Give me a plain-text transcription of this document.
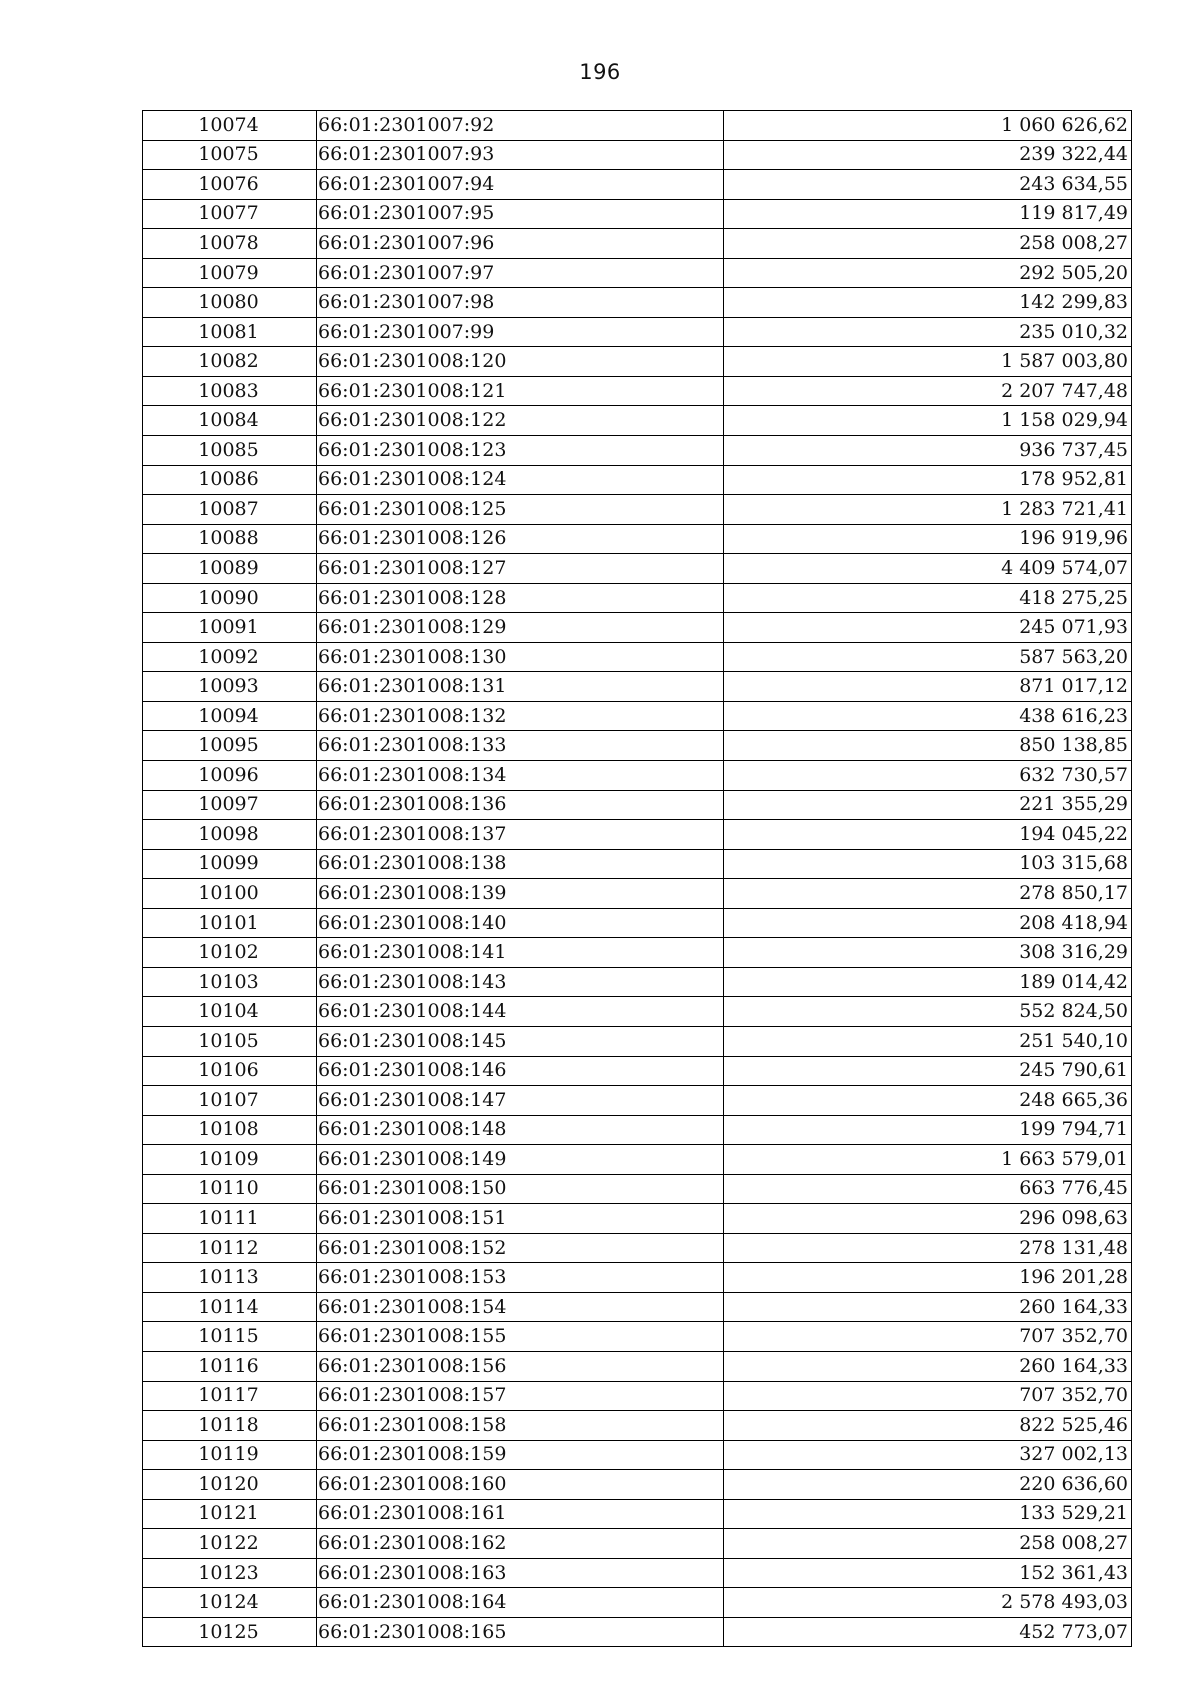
196
10074	66:01:2301007:92	1 060 626,62
10075	66:01:2301007:93	239 322,44
10076	66:01:2301007:94	243 634,55
10077	66:01:2301007:95	119 817,49
10078	66:01:2301007:96	258 008,27
10079	66:01:2301007:97	292 505,20
10080	66:01:2301007:98	142 299,83
10081	66:01:2301007:99	235 010,32
10082	66:01:2301008:120	1 587 003,80
10083	66:01:2301008:121	2 207 747,48
10084	66:01:2301008:122	1 158 029,94
10085	66:01:2301008:123	936 737,45
10086	66:01:2301008:124	178 952,81
10087	66:01:2301008:125	1 283 721,41
10088	66:01:2301008:126	196 919,96
10089	66:01:2301008:127	4 409 574,07
10090	66:01:2301008:128	418 275,25
10091	66:01:2301008:129	245 071,93
10092	66:01:2301008:130	587 563,20
10093	66:01:2301008:131	871 017,12
10094	66:01:2301008:132	438 616,23
10095	66:01:2301008:133	850 138,85
10096	66:01:2301008:134	632 730,57
10097	66:01:2301008:136	221 355,29
10098	66:01:2301008:137	194 045,22
10099	66:01:2301008:138	103 315,68
10100	66:01:2301008:139	278 850,17
10101	66:01:2301008:140	208 418,94
10102	66:01:2301008:141	308 316,29
10103	66:01:2301008:143	189 014,42
10104	66:01:2301008:144	552 824,50
10105	66:01:2301008:145	251 540,10
10106	66:01:2301008:146	245 790,61
10107	66:01:2301008:147	248 665,36
10108	66:01:2301008:148	199 794,71
10109	66:01:2301008:149	1 663 579,01
10110	66:01:2301008:150	663 776,45
10111	66:01:2301008:151	296 098,63
10112	66:01:2301008:152	278 131,48
10113	66:01:2301008:153	196 201,28
10114	66:01:2301008:154	260 164,33
10115	66:01:2301008:155	707 352,70
10116	66:01:2301008:156	260 164,33
10117	66:01:2301008:157	707 352,70
10118	66:01:2301008:158	822 525,46
10119	66:01:2301008:159	327 002,13
10120	66:01:2301008:160	220 636,60
10121	66:01:2301008:161	133 529,21
10122	66:01:2301008:162	258 008,27
10123	66:01:2301008:163	152 361,43
10124	66:01:2301008:164	2 578 493,03
10125	66:01:2301008:165	452 773,07
